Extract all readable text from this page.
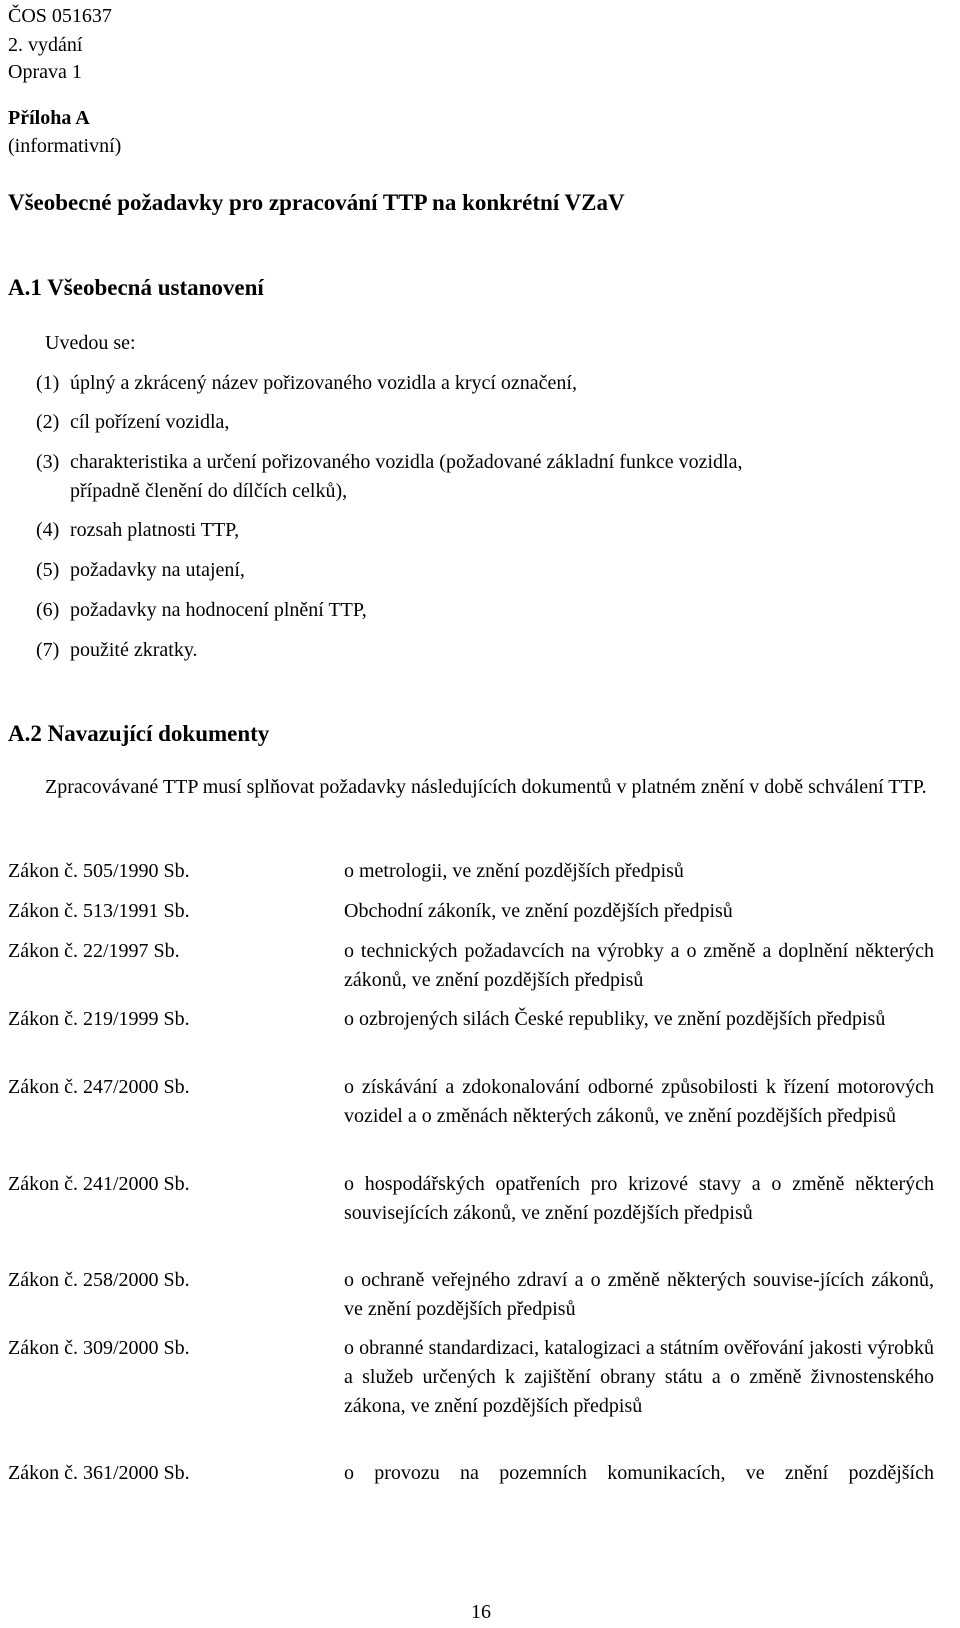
ČOS 051637
2. vydání
Oprava 1
Příloha A
(informativní)
Všeobecné požadavky pro zpracování TTP na konkrétní VZaV
A.1 Všeobecná ustanovení
Uvedou se:
(1) úplný a zkrácený název pořizovaného vozidla a krycí označení,
(2) cíl pořízení vozidla,
(3) charakteristika a určení pořizovaného vozidla (požadované základní funkce vozidla,
případně členění do dílčích celků),
(4) rozsah platnosti TTP,
(5) požadavky na utajení,
(6) požadavky na hodnocení plnění TTP,
(7) použité zkratky.
A.2 Navazující dokumenty
Zpracovávané TTP musí splňovat požadavky následujících dokumentů v platném znění v době schválení TTP.
Zákon č. 505/1990 Sb.	o metrologii, ve znění pozdějších předpisů
Zákon č. 513/1991 Sb.	Obchodní zákoník, ve znění pozdějších předpisů
Zákon č. 22/1997 Sb.	o technických požadavcích na výrobky a o změně a doplnění některých zákonů, ve znění pozdějších předpisů
Zákon č. 219/1999 Sb.	o ozbrojených silách České republiky, ve znění pozdějších předpisů
Zákon č. 247/2000 Sb.	o získávání a zdokonalování odborné způsobilosti k řízení motorových vozidel a o změnách některých zákonů, ve znění pozdějších předpisů
Zákon č. 241/2000 Sb.	o hospodářských opatřeních pro krizové stavy a o změně některých souvisejících zákonů, ve znění pozdějších předpisů
Zákon č. 258/2000 Sb.	o ochraně veřejného zdraví a o změně některých souvise-jících zákonů, ve znění pozdějších předpisů
Zákon č. 309/2000 Sb.	o obranné standardizaci, katalogizaci a státním ověřování jakosti výrobků a služeb určených k zajištění obrany státu a o změně živnostenského zákona, ve znění pozdějších předpisů
Zákon č. 361/2000 Sb.	o provozu na pozemních komunikacích, ve znění pozdějších
16
